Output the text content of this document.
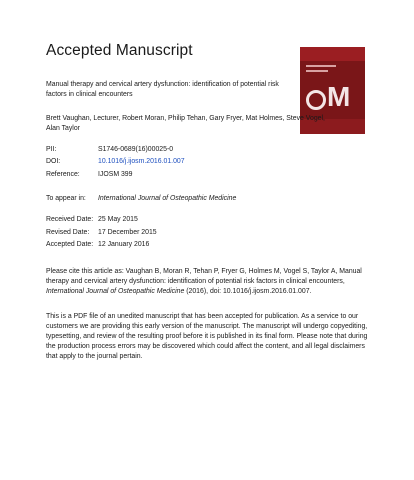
Accepted Manuscript
M
Manual therapy and cervical artery dysfunction: identification of potential risk factors in clinical encounters
Brett Vaughan, Lecturer, Robert Moran, Philip Tehan, Gary Fryer, Mat Holmes, Steve Vogel, Alan Taylor
PII:	S1746-0689(16)00025-0
DOI:	10.1016/j.ijosm.2016.01.007
Reference:	IJOSM 399
To appear in: International Journal of Osteopathic Medicine
Received Date: 25 May 2015
Revised Date: 17 December 2015
Accepted Date: 12 January 2016
Please cite this article as: Vaughan B, Moran R, Tehan P, Fryer G, Holmes M, Vogel S, Taylor A, Manual therapy and cervical artery dysfunction: identification of potential risk factors in clinical encounters, International Journal of Osteopathic Medicine (2016), doi: 10.1016/j.ijosm.2016.01.007.
This is a PDF file of an unedited manuscript that has been accepted for publication. As a service to our customers we are providing this early version of the manuscript. The manuscript will undergo copyediting, typesetting, and review of the resulting proof before it is published in its final form. Please note that during the production process errors may be discovered which could affect the content, and all legal disclaimers that apply to the journal pertain.
